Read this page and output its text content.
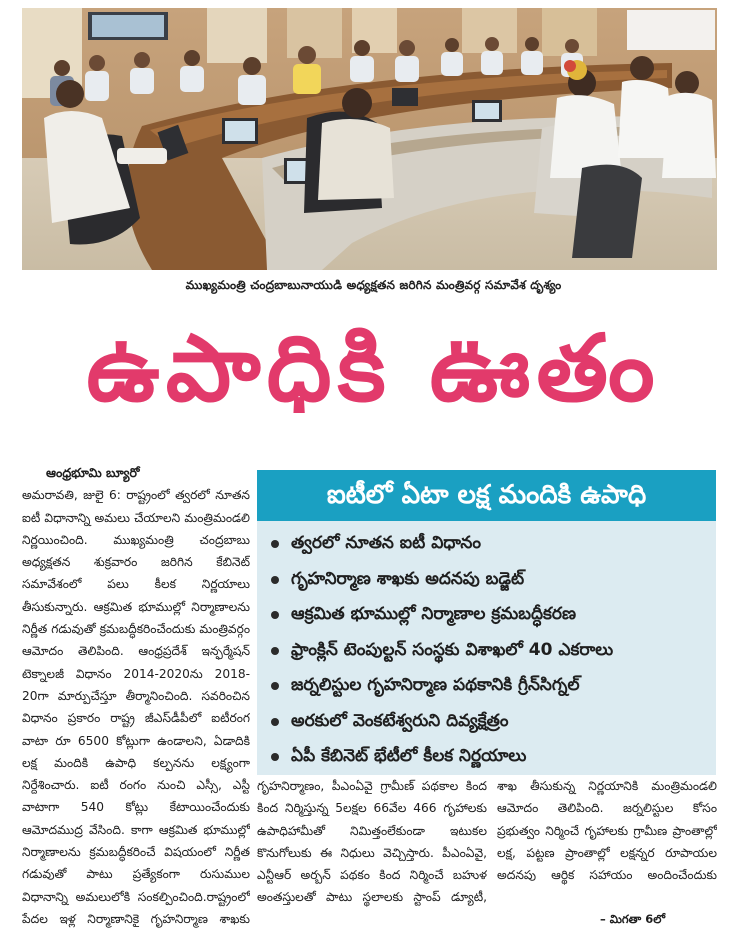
ముఖ్యమంత్రి చంద్రబాబునాయుడి అధ్యక్షతన జరిగిన మంత్రివర్గ సమావేశ దృశ్యం
ఉపాధికి ఊతం
ఐటీలో ఏటా లక్ష మందికి ఉపాధి
త్వరలో నూతన ఐటీ విధానం
గృహనిర్మాణ శాఖకు అదనపు బడ్జెట్
ఆక్రమిత భూముల్లో నిర్మాణాల క్రమబద్ధీకరణ
ఫ్రాంక్లిన్ టెంపుల్టన్ సంస్థకు విశాఖలో 40 ఎకరాలు
జర్నలిస్టుల గృహనిర్మాణ పథకానికి గ్రీన్‌సిగ్నల్
అరకులో వెంకటేశ్వరుని దివ్యక్షేత్రం
ఏపీ కేబినెట్ భేటీలో కీలక నిర్ణయాలు
ఆంధ్రభూమి బ్యూరో

అమరావతి, జులై 6: రాష్ట్రంలో త్వరలో నూతన ఐటీ విధానాన్ని అమలు చేయాలని మంత్రిమండలి నిర్ణయించింది. ముఖ్యమంత్రి చంద్రబాబు అధ్యక్షతన శుక్రవారం జరిగిన కేబినెట్ సమావేశంలో పలు కీలక నిర్ణయాలు తీసుకున్నారు. ఆక్రమిత భూముల్లో నిర్మాణాలను నిర్ణీత గడువుతో క్రమబద్ధీకరించేందుకు మంత్రివర్గం ఆమోదం తెలిపింది. ఆంధ్రప్రదేశ్ ఇన్ఫర్మేషన్ టెక్నాలజీ విధానం 2014-2020ను 2018-20గా మార్పుచేస్తూ తీర్మానించింది. సవరించిన విధానం ప్రకారం రాష్ట్ర జీఎస్‌డీపీలో ఐటీరంగ వాటా రూ 6500 కోట్లుగా ఉండాలని, ఏడాదికి లక్ష మందికి ఉపాధి కల్పనను లక్ష్యంగా నిర్దేశించారు. ఐటీ రంగం నుంచి ఎస్సీ, ఎస్టీ వాటాగా 540 కోట్లు కేటాయించేందుకు ఆమోదముద్ర వేసింది. కాగా ఆక్రమిత భూముల్లో నిర్మాణాలను క్రమబద్ధీకరించే విషయంలో నిర్ణీత గడువుతో పాటు ప్రత్యేకంగా రుసుముల విధానాన్ని అమలులోకి సంకల్పించింది.రాష్ట్రంలో పేదల ఇళ్ల నిర్మాణానికై గృహనిర్మాణ శాఖకు

గృహనిర్మాణం, పీఎంఏవై గ్రామీణ్ పథకాల కింద కింద నిర్మిస్తున్న 5లక్షల 66వేల 466 గృహాలకు ఉపాధిహామీతో నిమిత్తంలేకుండా ఇటుకల కొనుగోలుకు ఈ నిధులు వెచ్చిస్తారు. పీఎంఏవై, ఎన్టీఆర్ అర్బన్ పథకం కింద నిర్మించే బహుళ అంతస్తులతో పాటు స్థలాలకు స్టాంప్ డ్యూటీ,

శాఖ తీసుకున్న నిర్ణయానికి మంత్రిమండలి ఆమోదం తెలిపింది. జర్నలిస్టుల కోసం ప్రభుత్వం నిర్మించే గృహాలకు గ్రామీణ ప్రాంతాల్లో లక్ష, పట్టణ ప్రాంతాల్లో లక్షన్నర రూపాయల అదనపు ఆర్థిక సహాయం అందించేందుకు

– మిగతా 6లో
